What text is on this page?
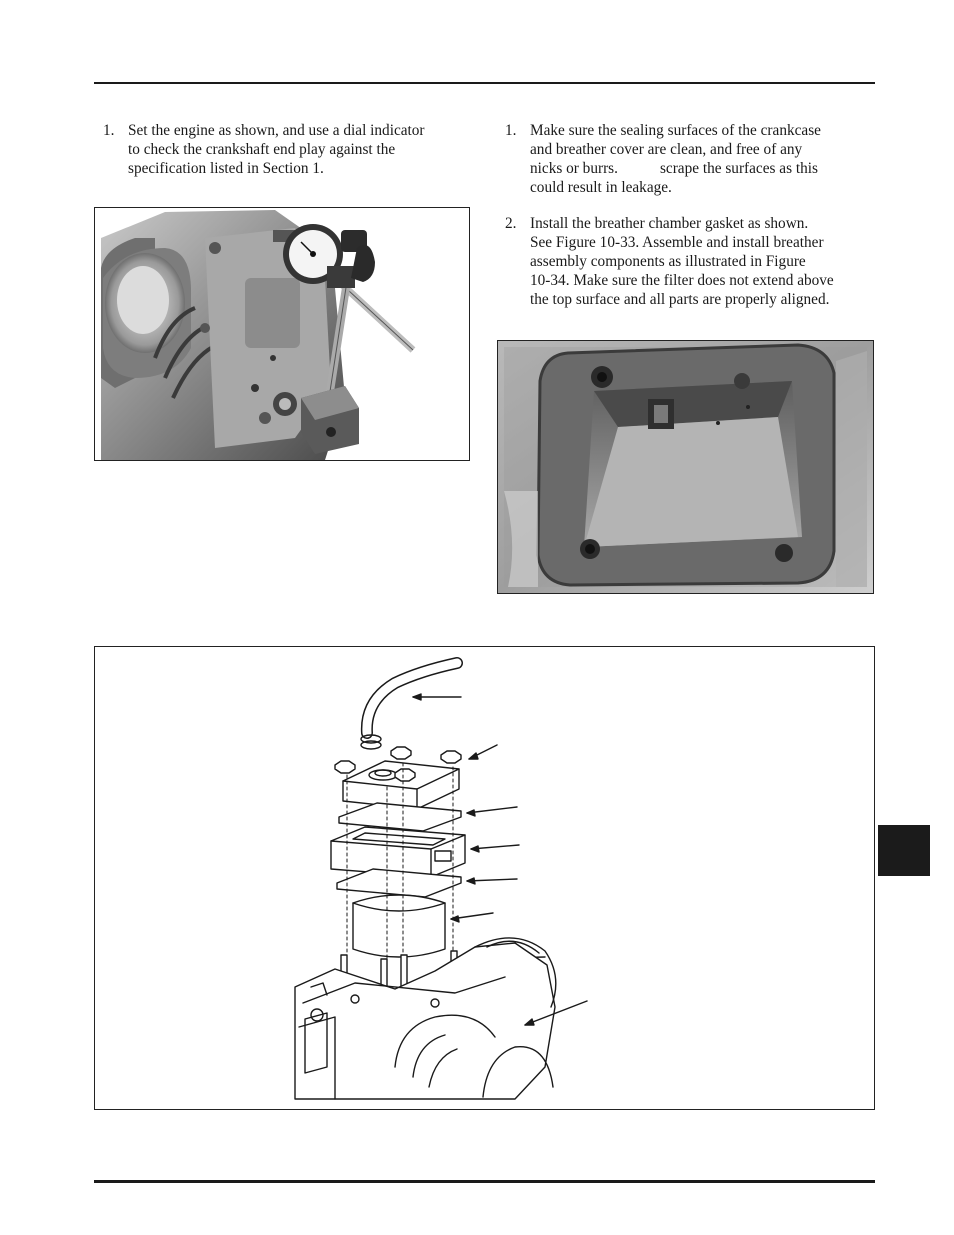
1. Set the engine as shown, and use a dial indicator
to check the crankshaft end play against the
specification listed in Section 1.
1. Make sure the sealing surfaces of the crankcase
and breather cover are clean, and free of any
nicks or burrs.	scrape the surfaces as this
could result in leakage.
2. Install the breather chamber gasket as shown.
See Figure 10-33. Assemble and install breather
assembly components as illustrated in Figure
10-34. Make sure the filter does not extend above
the top surface and all parts are properly aligned.
